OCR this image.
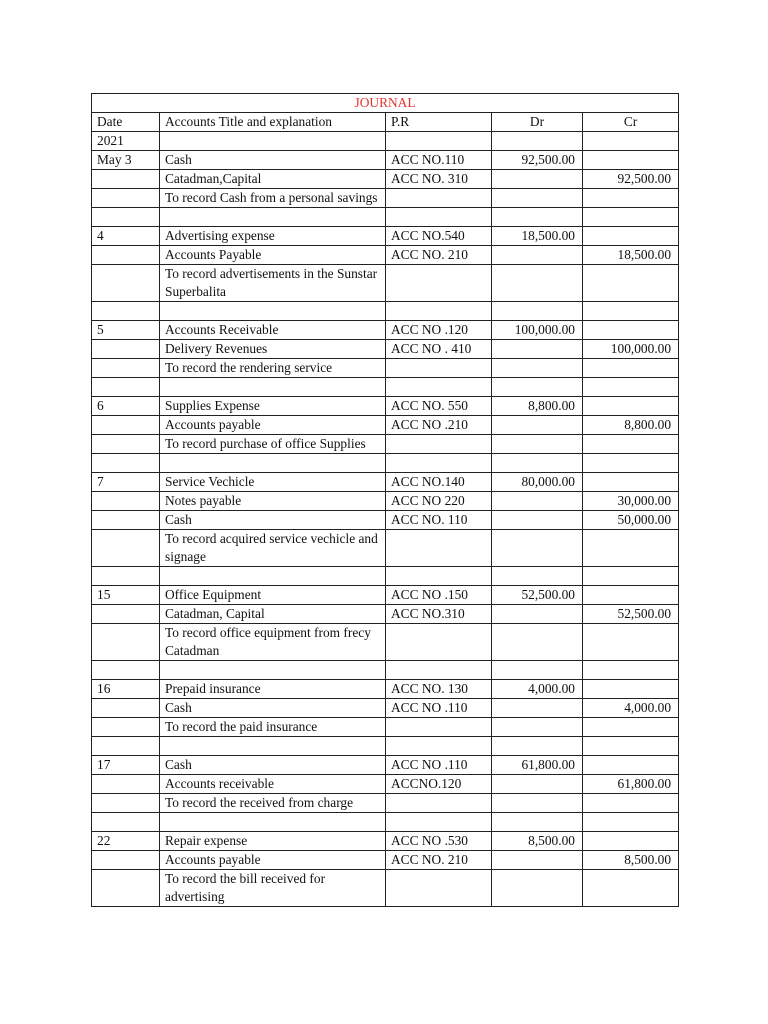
JOURNAL				
Date	Accounts Title and explanation	P.R	Dr	Cr
2021				
May 3	Cash	ACC NO.110	92,500.00	
	Catadman,Capital	ACC NO. 310		92,500.00
	To record Cash from a personal savings			

4	Advertising expense	ACC NO.540	18,500.00	
	Accounts Payable	ACC NO. 210		18,500.00
	To record advertisements in the Sunstar Superbalita			

5	Accounts Receivable	ACC NO .120	100,000.00	
	Delivery Revenues	ACC NO . 410		100,000.00
	To record the rendering service			

6	Supplies Expense	ACC NO. 550	8,800.00	
	Accounts payable	ACC NO .210		8,800.00
	To record purchase of office Supplies			

7	Service Vechicle	ACC NO.140	80,000.00	
	Notes payable	ACC NO 220		30,000.00
	Cash	ACC NO. 110		50,000.00
	To record acquired service vechicle and signage			

15	Office Equipment	ACC NO .150	52,500.00	
	Catadman, Capital	ACC NO.310		52,500.00
	To record office equipment from frecy Catadman			

16	Prepaid insurance	ACC NO. 130	4,000.00	
	Cash	ACC NO .110		4,000.00
	To record the paid insurance			

17	Cash	ACC NO .110	61,800.00	
	Accounts receivable	ACCNO.120		61,800.00
	To record the received from charge			

22	Repair expense	ACC NO .530	8,500.00	
	Accounts payable	ACC NO. 210		8,500.00
	To record the bill received for advertising			
